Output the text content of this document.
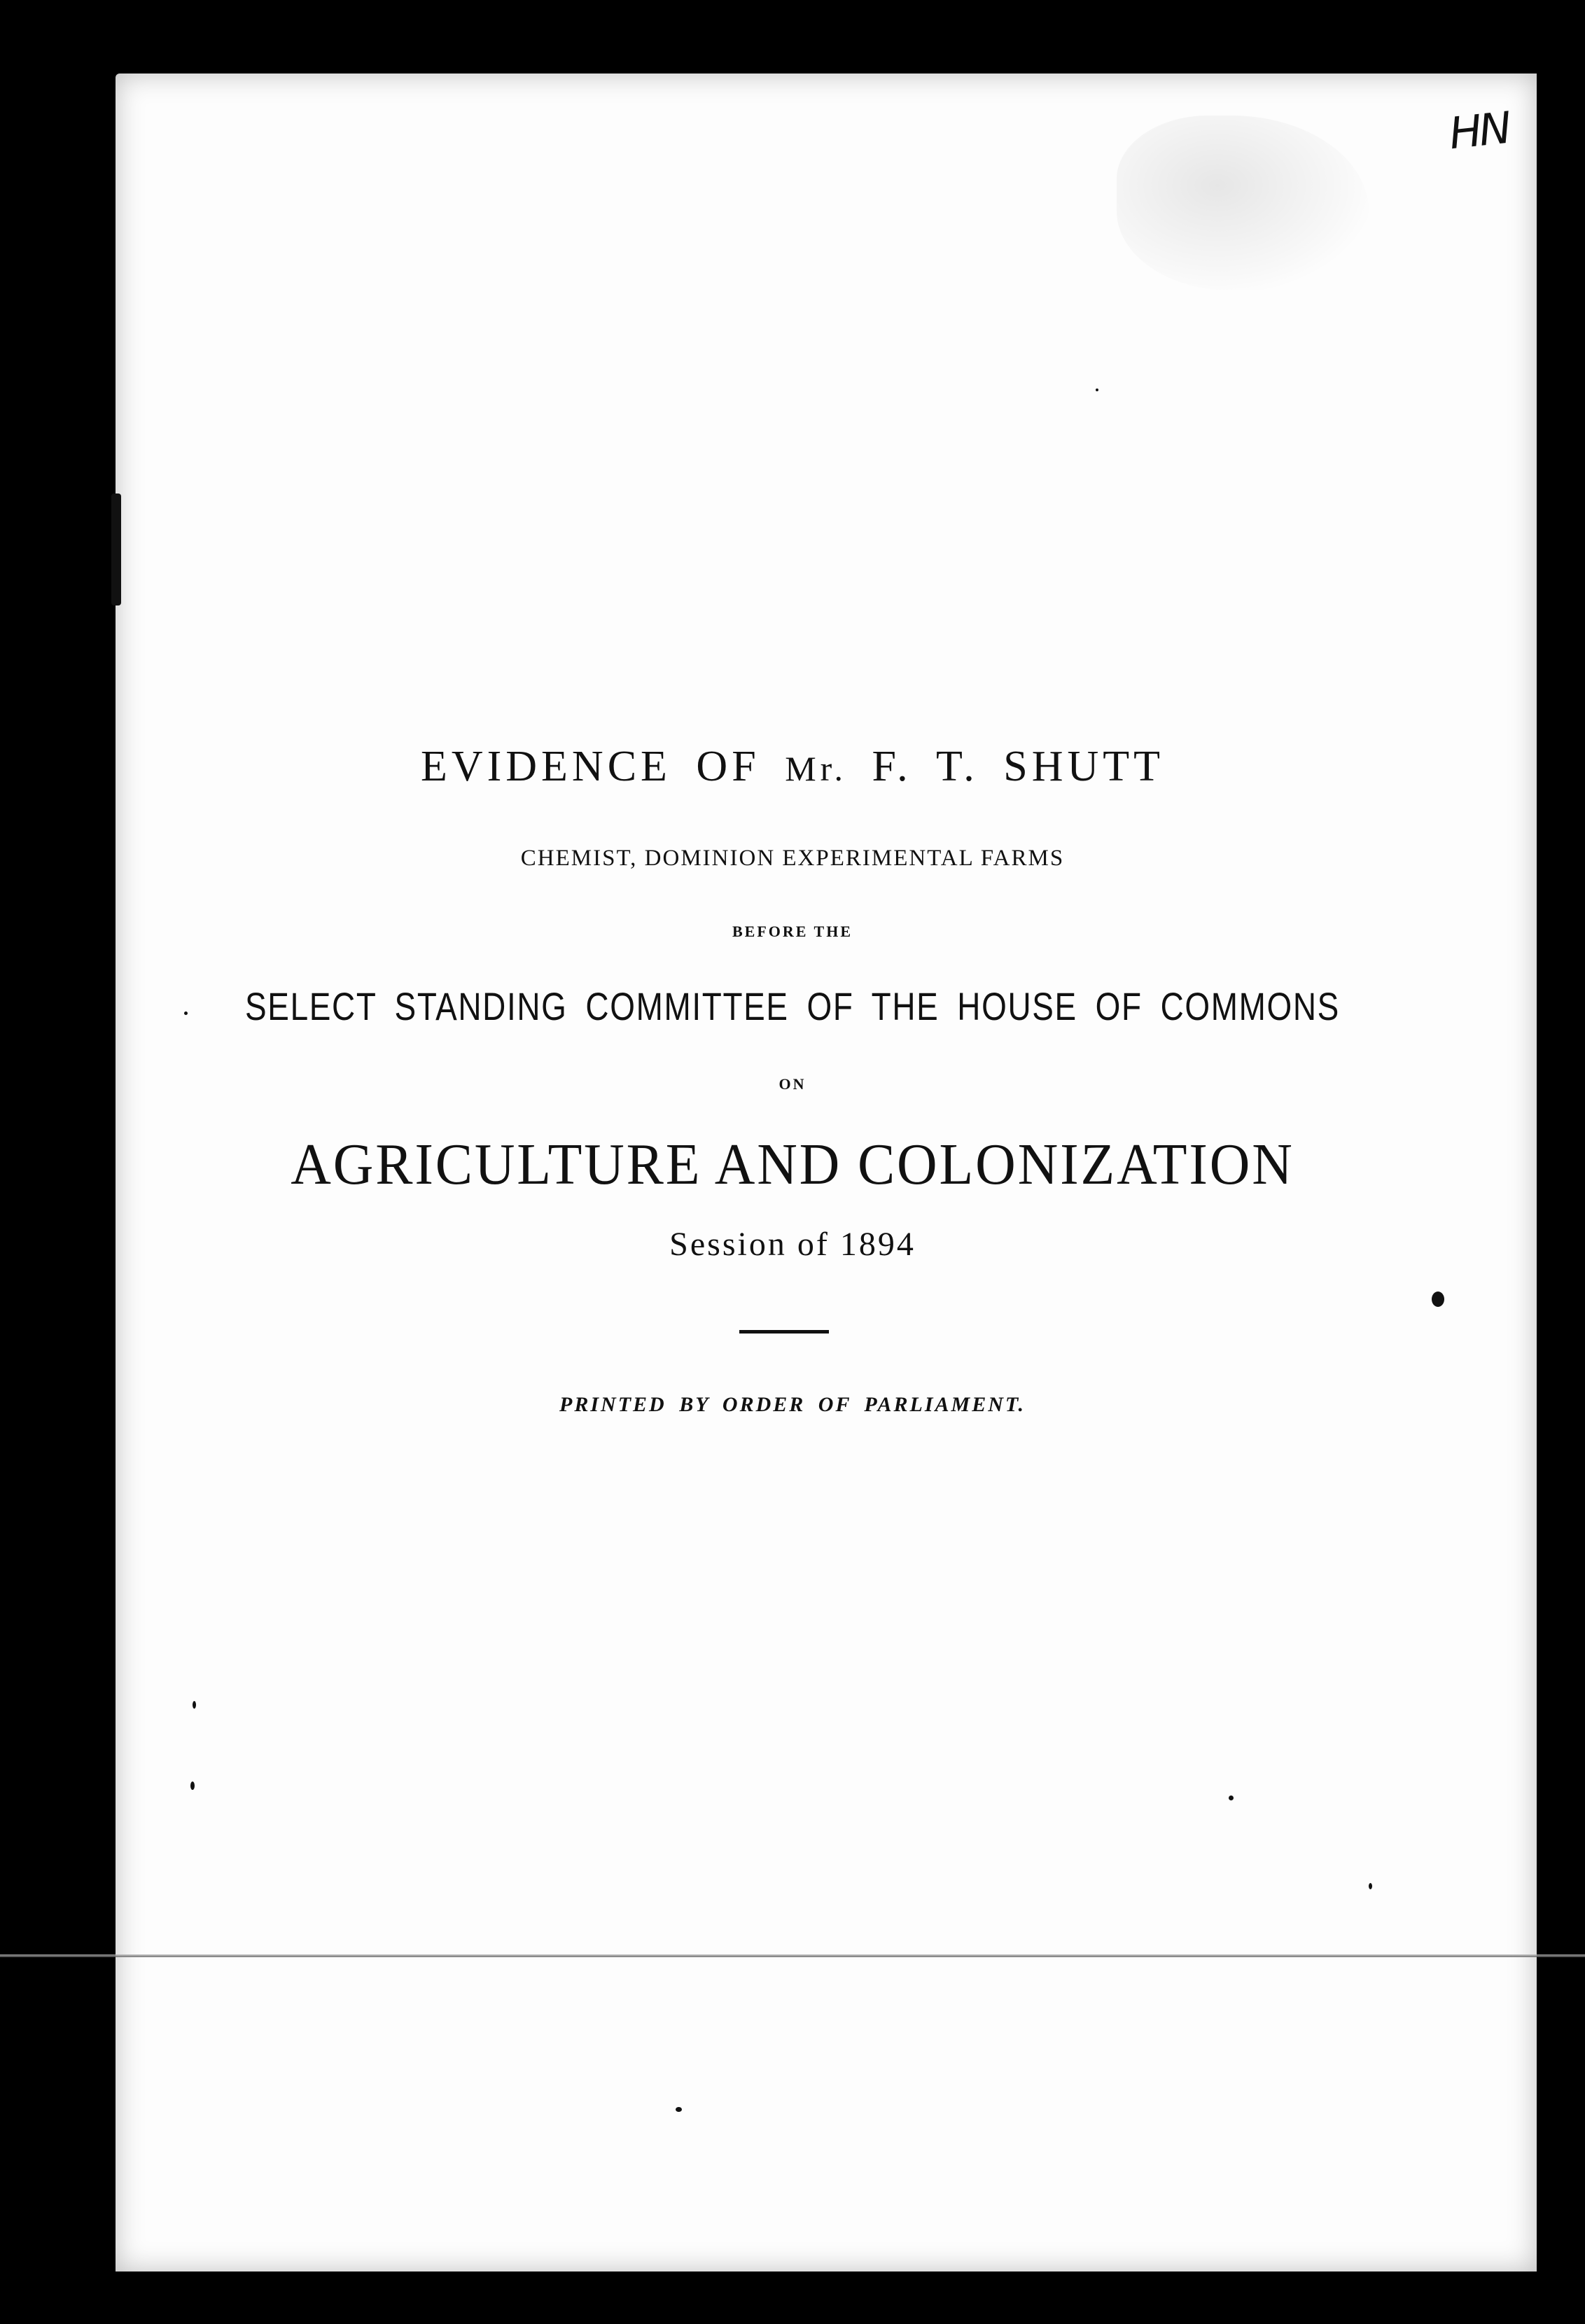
HN
EVIDENCE OF Mr. F. T. SHUTT
CHEMIST, DOMINION EXPERIMENTAL FARMS
BEFORE THE
SELECT STANDING COMMITTEE OF THE HOUSE OF COMMONS
ON
AGRICULTURE AND COLONIZATION
Session of 1894
PRINTED BY ORDER OF PARLIAMENT.
